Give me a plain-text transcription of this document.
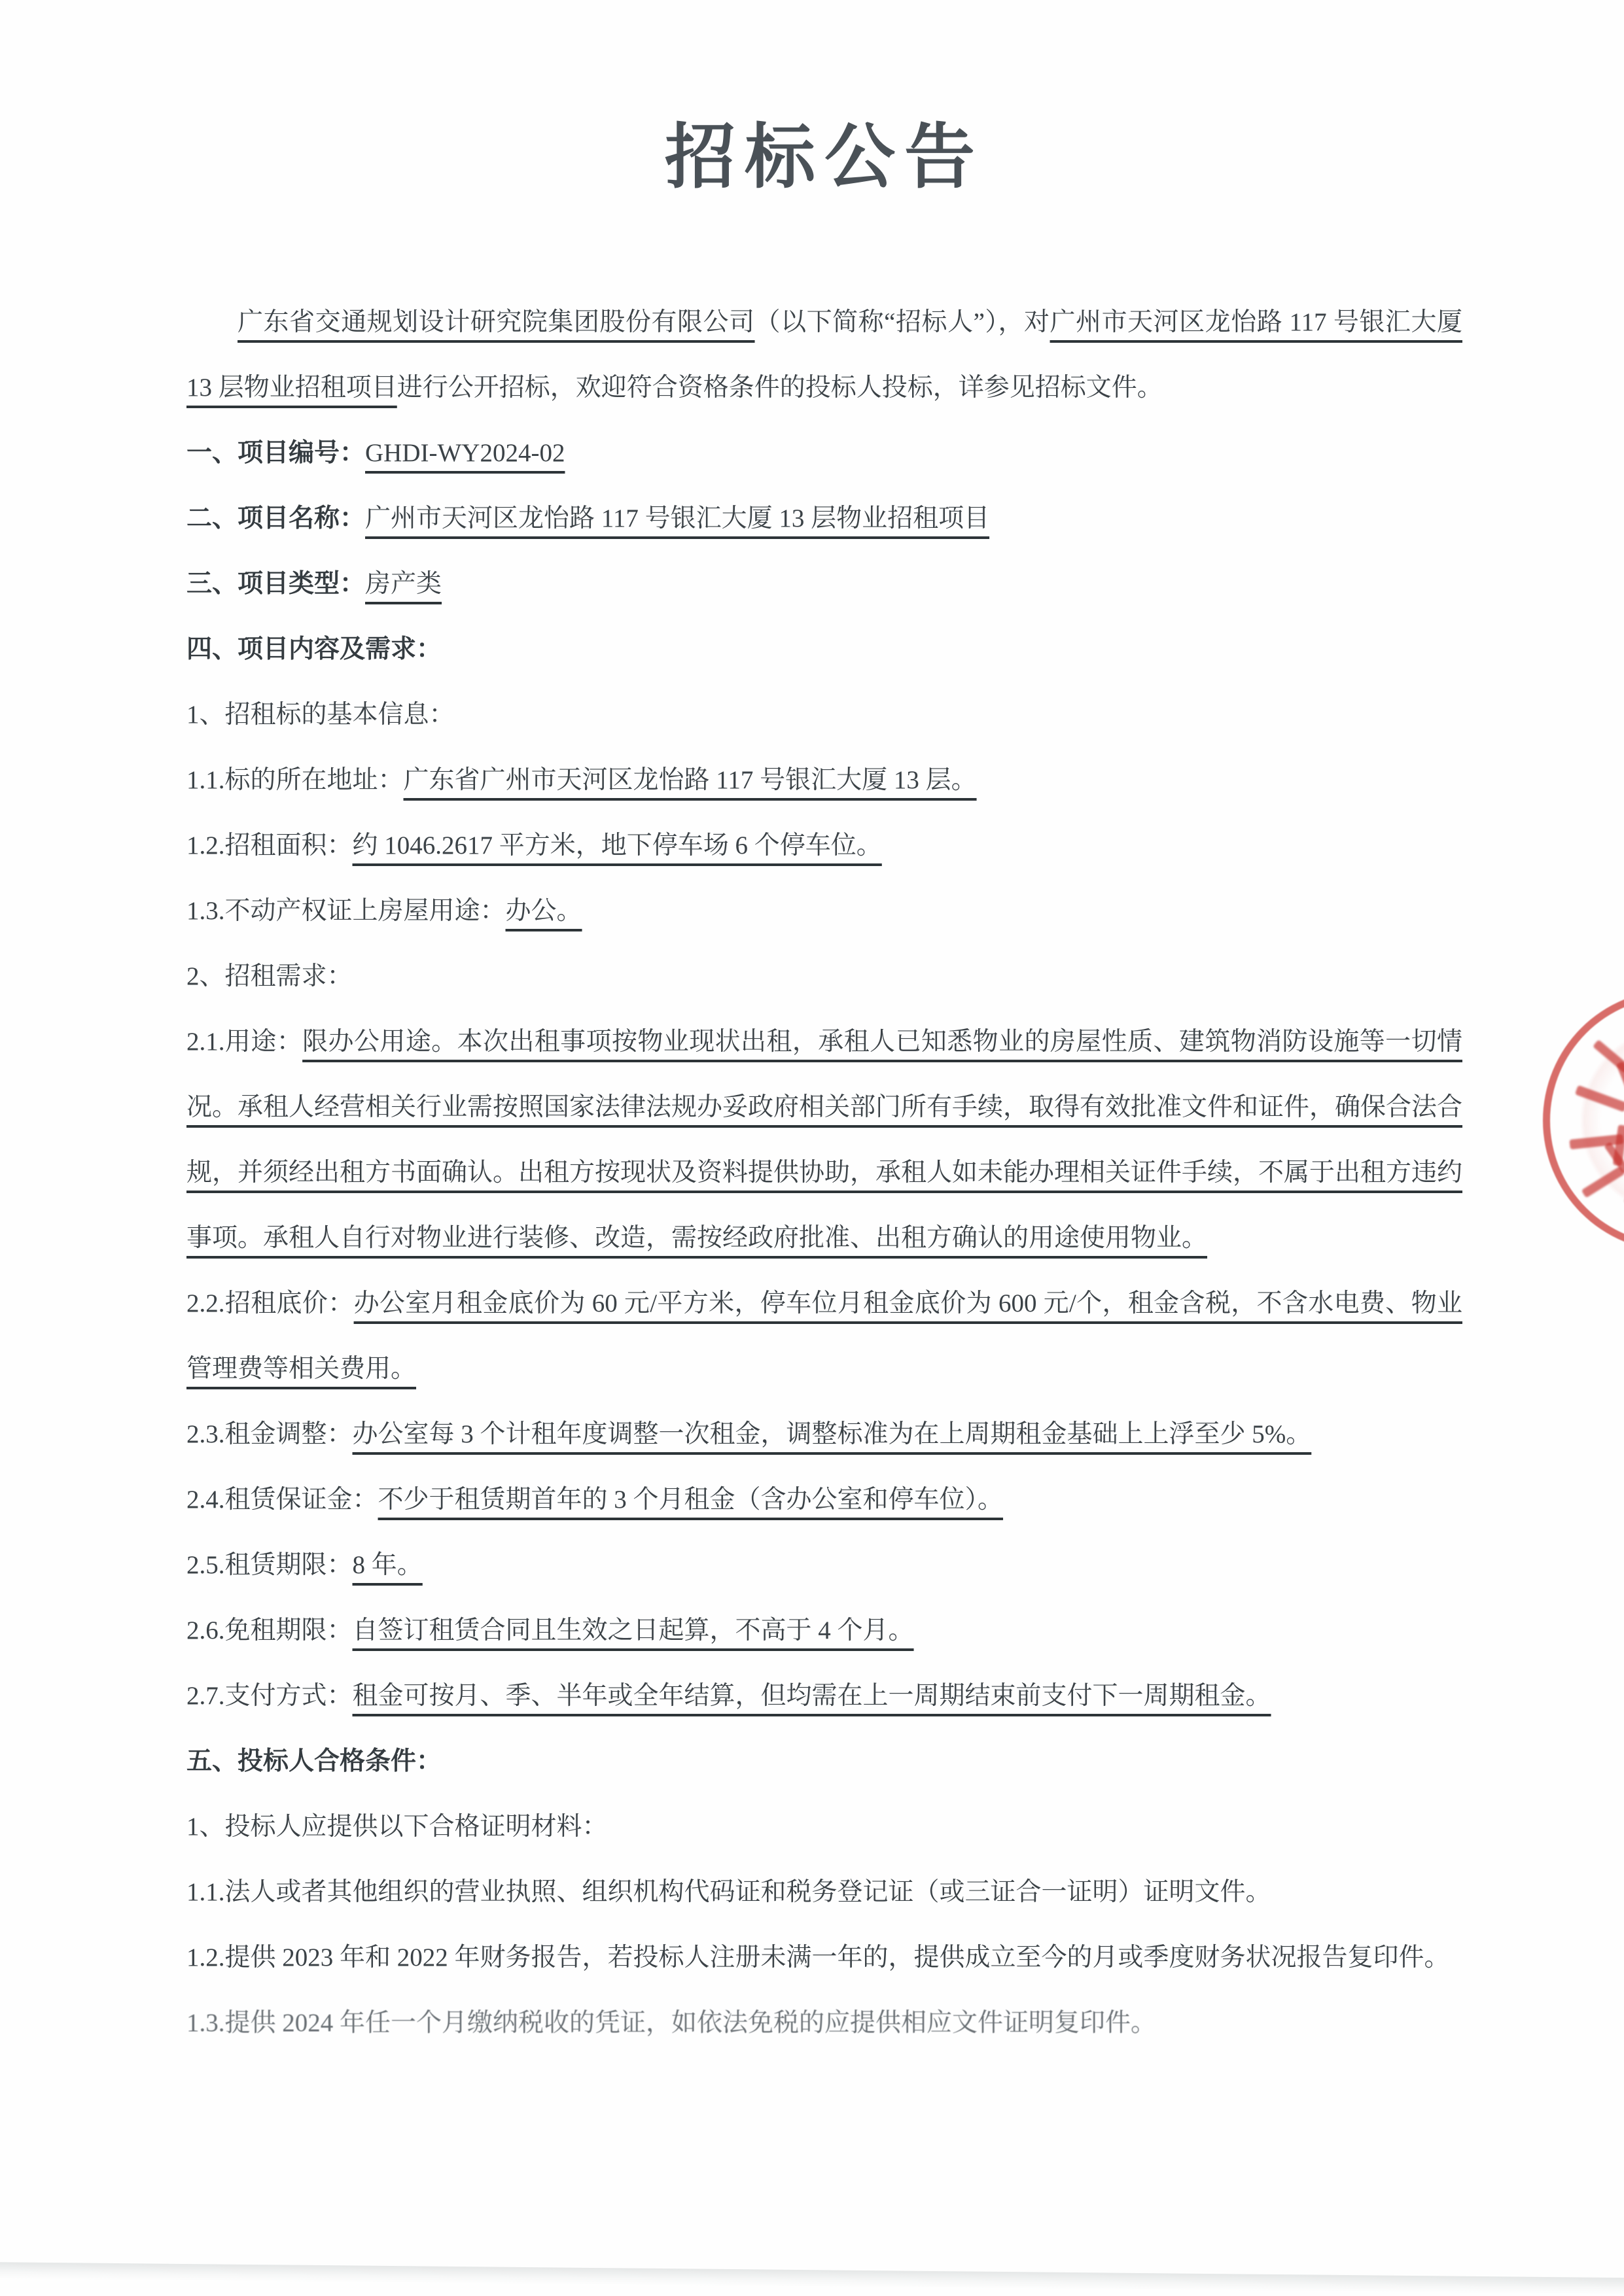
招标公告

广东省交通规划设计研究院集团股份有限公司（以下简称“招标人”），对广州市天河区龙怡路 117 号银汇大厦 13 层物业招租项目进行公开招标，欢迎符合资格条件的投标人投标，详参见招标文件。

一、项目编号：GHDI-WY2024-02

二、项目名称：广州市天河区龙怡路 117 号银汇大厦 13 层物业招租项目

三、项目类型：房产类

四、项目内容及需求：

1、招租标的基本信息：

1.1.标的所在地址：广东省广州市天河区龙怡路 117 号银汇大厦 13 层。

1.2.招租面积：约 1046.2617 平方米，地下停车场 6 个停车位。

1.3.不动产权证上房屋用途：办公。

2、招租需求：

2.1.用途：限办公用途。本次出租事项按物业现状出租，承租人已知悉物业的房屋性质、建筑物消防设施等一切情况。承租人经营相关行业需按照国家法律法规办妥政府相关部门所有手续，取得有效批准文件和证件，确保合法合规，并须经出租方书面确认。出租方按现状及资料提供协助，承租人如未能办理相关证件手续，不属于出租方违约事项。承租人自行对物业进行装修、改造，需按经政府批准、出租方确认的用途使用物业。

2.2.招租底价：办公室月租金底价为 60 元/平方米，停车位月租金底价为 600 元/个，租金含税，不含水电费、物业管理费等相关费用。

2.3.租金调整：办公室每 3 个计租年度调整一次租金，调整标准为在上周期租金基础上上浮至少 5%。

2.4.租赁保证金：不少于租赁期首年的 3 个月租金（含办公室和停车位）。

2.5.租赁期限：8 年。

2.6.免租期限：自签订租赁合同且生效之日起算，不高于 4 个月。

2.7.支付方式：租金可按月、季、半年或全年结算，但均需在上一周期结束前支付下一周期租金。

五、投标人合格条件：

1、投标人应提供以下合格证明材料：

1.1.法人或者其他组织的营业执照、组织机构代码证和税务登记证（或三证合一证明）证明文件。

1.2.提供 2023 年和 2022 年财务报告，若投标人注册未满一年的，提供成立至今的月或季度财务状况报告复印件。

1.3.提供 2024 年任一个月缴纳税收的凭证，如依法免税的应提供相应文件证明复印件。
